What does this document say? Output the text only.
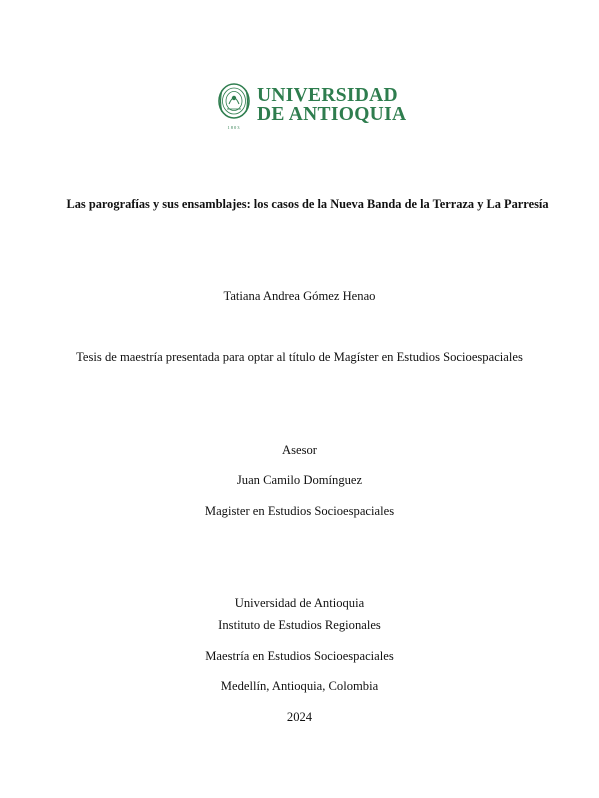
1803
UNIVERSIDAD
DE ANTIOQUIA
Las parografías y sus ensamblajes: los casos de la Nueva Banda de la Terraza y La Parresía
Tatiana Andrea Gómez Henao
Tesis de maestría presentada para optar al título de Magíster en Estudios Socioespaciales
Asesor
Juan Camilo Domínguez
Magister en Estudios Socioespaciales
Universidad de Antioquia
Instituto de Estudios Regionales
Maestría en Estudios Socioespaciales
Medellín, Antioquia, Colombia
2024
